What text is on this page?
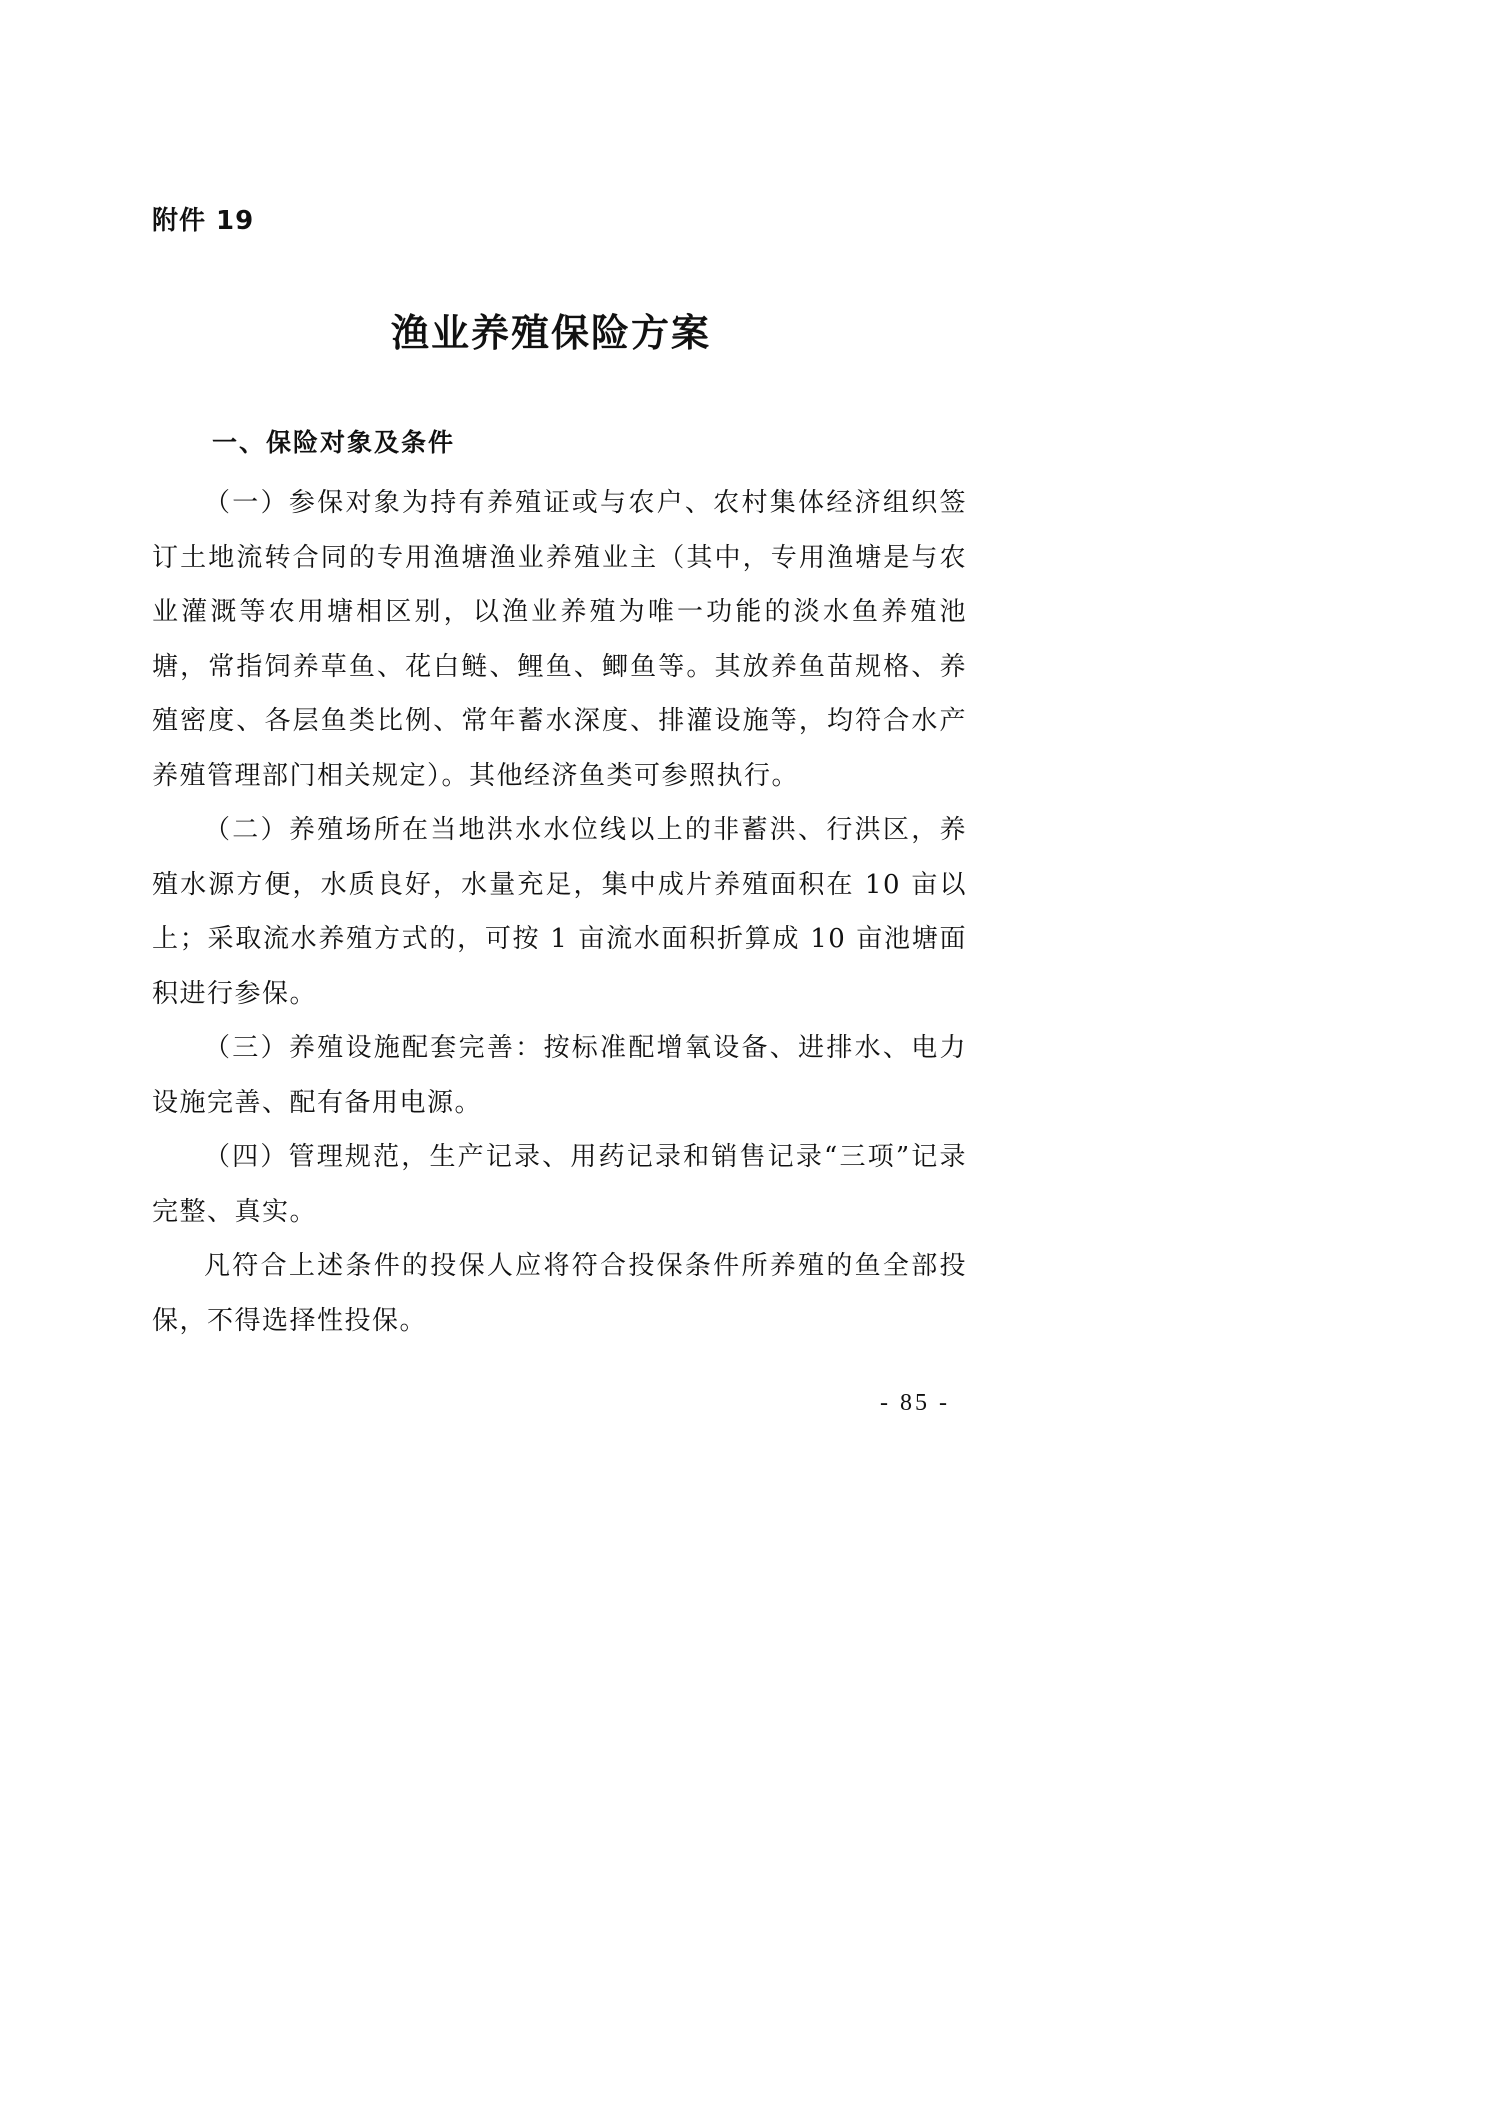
附件 19
渔业养殖保险方案
一、保险对象及条件

（一）参保对象为持有养殖证或与农户、农村集体经济组织签订土地流转合同的专用渔塘渔业养殖业主（其中，专用渔塘是与农业灌溉等农用塘相区别，以渔业养殖为唯一功能的淡水鱼养殖池塘，常指饲养草鱼、花白鲢、鲤鱼、鲫鱼等。其放养鱼苗规格、养殖密度、各层鱼类比例、常年蓄水深度、排灌设施等，均符合水产养殖管理部门相关规定）。其他经济鱼类可参照执行。

（二）养殖场所在当地洪水水位线以上的非蓄洪、行洪区，养殖水源方便，水质良好，水量充足，集中成片养殖面积在 10 亩以上；采取流水养殖方式的，可按 1 亩流水面积折算成 10 亩池塘面积进行参保。

（三）养殖设施配套完善：按标准配增氧设备、进排水、电力设施完善、配有备用电源。

（四）管理规范，生产记录、用药记录和销售记录“三项”记录完整、真实。

凡符合上述条件的投保人应将符合投保条件所养殖的鱼全部投保，不得选择性投保。

- 85 -
